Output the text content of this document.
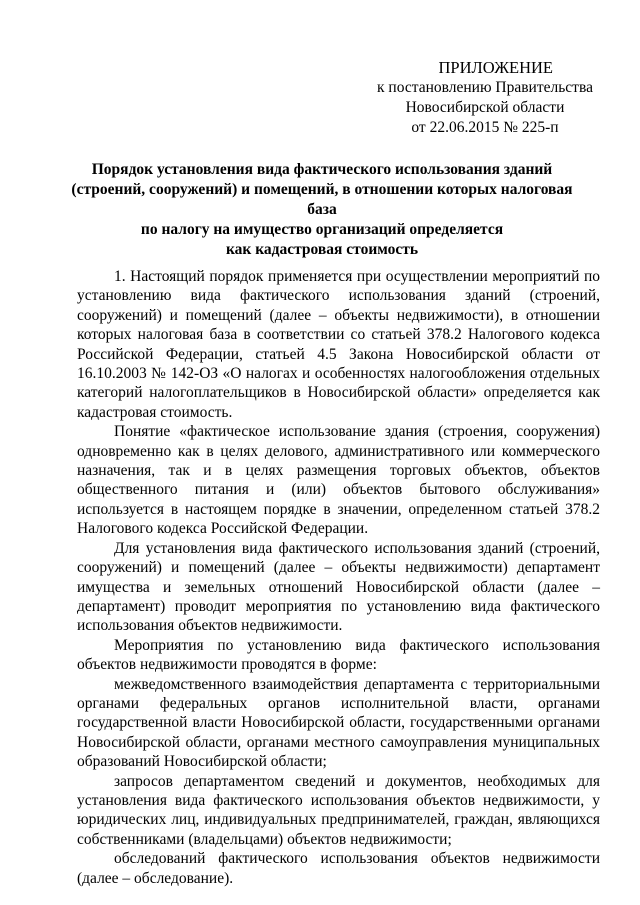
ПРИЛОЖЕНИЕ
к постановлению Правительства
Новосибирской области
от 22.06.2015 № 225-п
Порядок установления вида фактического использования зданий
(строений, сооружений) и помещений, в отношении которых налоговая база
по налогу на имущество организаций определяется
как кадастровая стоимость

1. Настоящий порядок применяется при осуществлении мероприятий по установлению вида фактического использования зданий (строений, сооружений) и помещений (далее – объекты недвижимости), в отношении которых налоговая база в соответствии со статьей 378.2 Налогового кодекса Российской Федерации, статьей 4.5 Закона Новосибирской области от 16.10.2003 № 142-ОЗ «О налогах и особенностях налогообложения отдельных категорий налогоплательщиков в Новосибирской области» определяется как кадастровая стоимость.

Понятие «фактическое использование здания (строения, сооружения) одновременно как в целях делового, административного или коммерческого назначения, так и в целях размещения торговых объектов, объектов общественного питания и (или) объектов бытового обслуживания» используется в настоящем порядке в значении, определенном статьей 378.2 Налогового кодекса Российской Федерации.

Для установления вида фактического использования зданий (строений, сооружений) и помещений (далее – объекты недвижимости) департамент имущества и земельных отношений Новосибирской области (далее – департамент) проводит мероприятия по установлению вида фактического использования объектов недвижимости.

Мероприятия по установлению вида фактического использования объектов недвижимости проводятся в форме:

межведомственного взаимодействия департамента с территориальными органами федеральных органов исполнительной власти, органами государственной власти Новосибирской области, государственными органами Новосибирской области, органами местного самоуправления муниципальных образований Новосибирской области;

запросов департаментом сведений и документов, необходимых для установления вида фактического использования объектов недвижимости, у юридических лиц, индивидуальных предпринимателей, граждан, являющихся собственниками (владельцами) объектов недвижимости;

обследований фактического использования объектов недвижимости (далее – обследование).
